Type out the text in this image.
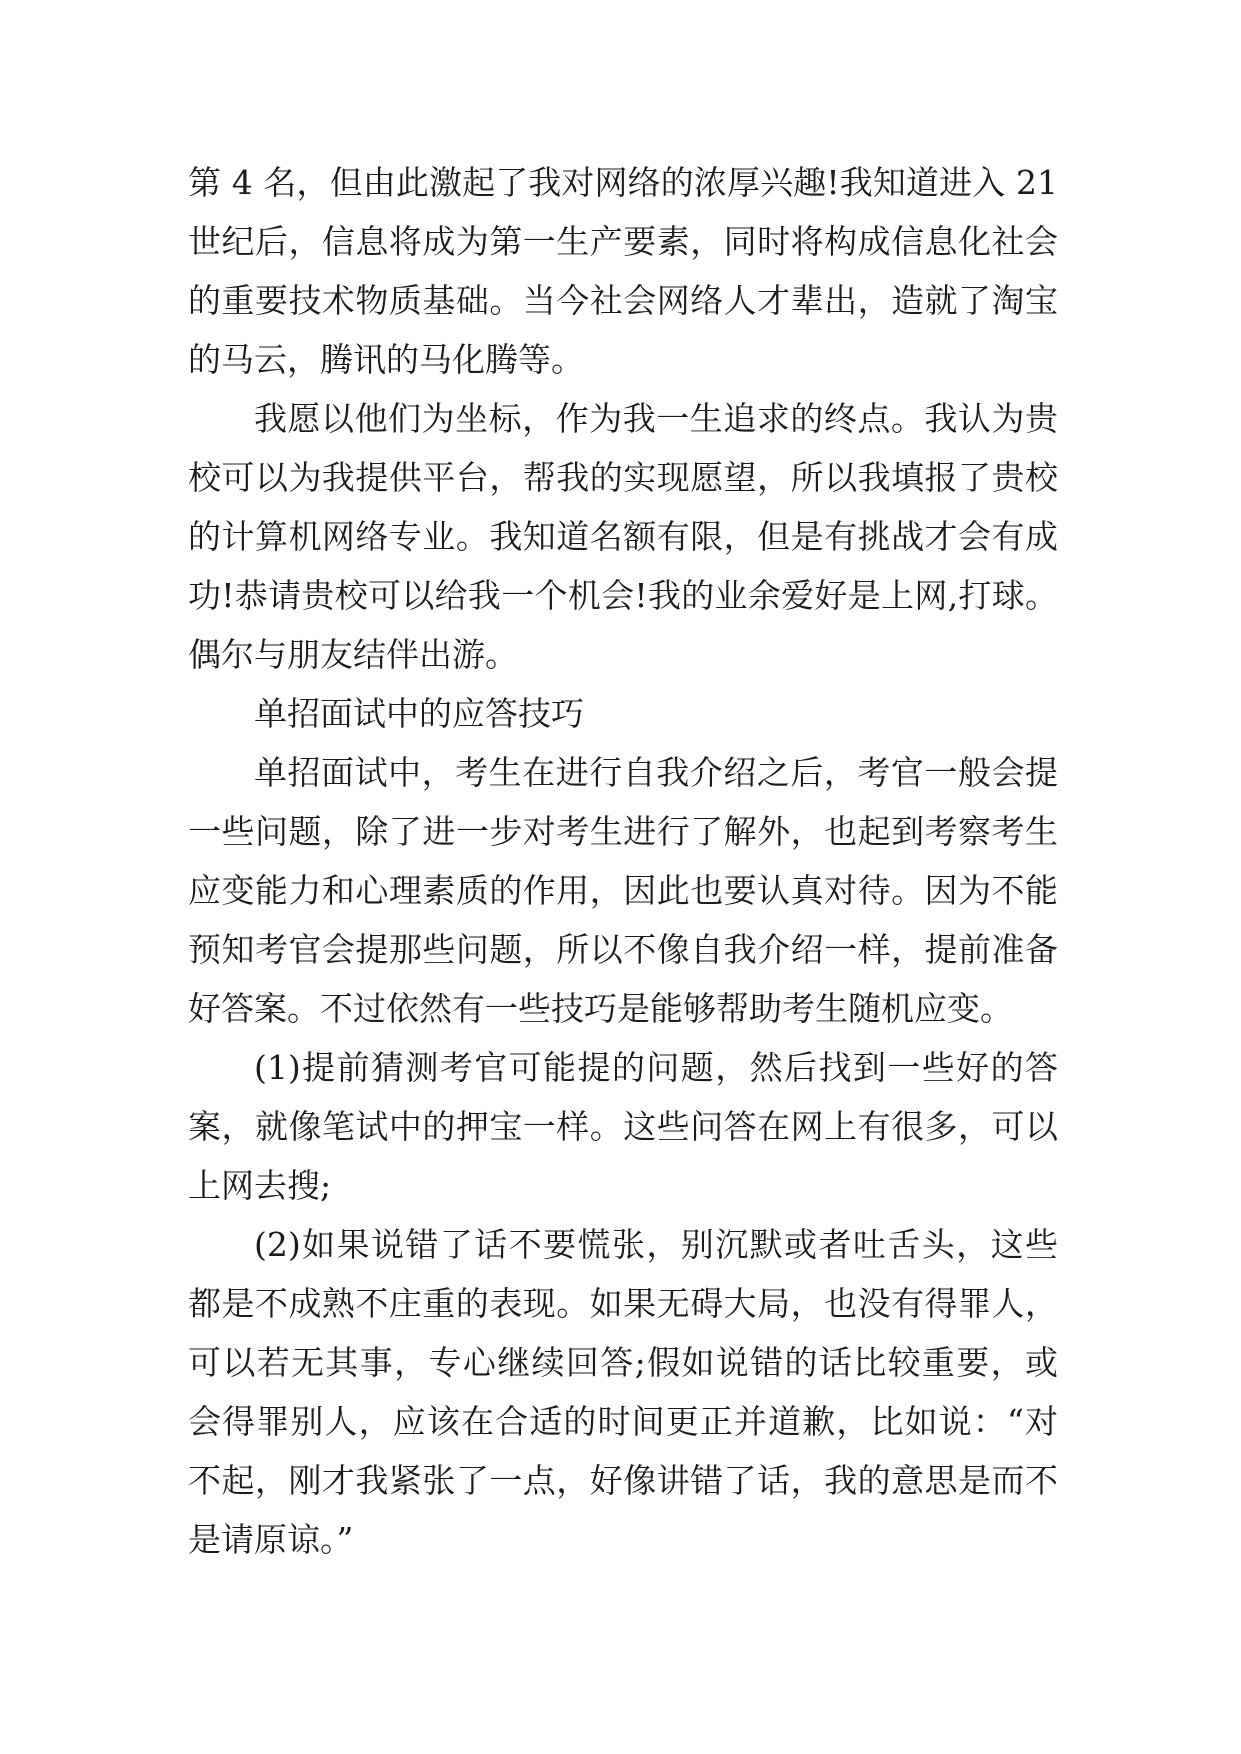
第 4 名，但由此激起了我对网络的浓厚兴趣!我知道进入 21
世纪后，信息将成为第一生产要素，同时将构成信息化社会
的重要技术物质基础。当今社会网络人才辈出，造就了淘宝
的马云，腾讯的马化腾等。
我愿以他们为坐标，作为我一生追求的终点。我认为贵
校可以为我提供平台，帮我的实现愿望，所以我填报了贵校
的计算机网络专业。我知道名额有限，但是有挑战才会有成
功!恭请贵校可以给我一个机会!我的业余爱好是上网,打球。
偶尔与朋友结伴出游。
单招面试中的应答技巧
单招面试中，考生在进行自我介绍之后，考官一般会提
一些问题，除了进一步对考生进行了解外，也起到考察考生
应变能力和心理素质的作用，因此也要认真对待。因为不能
预知考官会提那些问题，所以不像自我介绍一样，提前准备
好答案。不过依然有一些技巧是能够帮助考生随机应变。
(1)提前猜测考官可能提的问题，然后找到一些好的答
案，就像笔试中的押宝一样。这些问答在网上有很多，可以
上网去搜;
(2)如果说错了话不要慌张，别沉默或者吐舌头，这些
都是不成熟不庄重的表现。如果无碍大局，也没有得罪人，
可以若无其事，专心继续回答;假如说错的话比较重要，或
会得罪别人，应该在合适的时间更正并道歉，比如说：“对
不起，刚才我紧张了一点，好像讲错了话，我的意思是而不
是请原谅。”
